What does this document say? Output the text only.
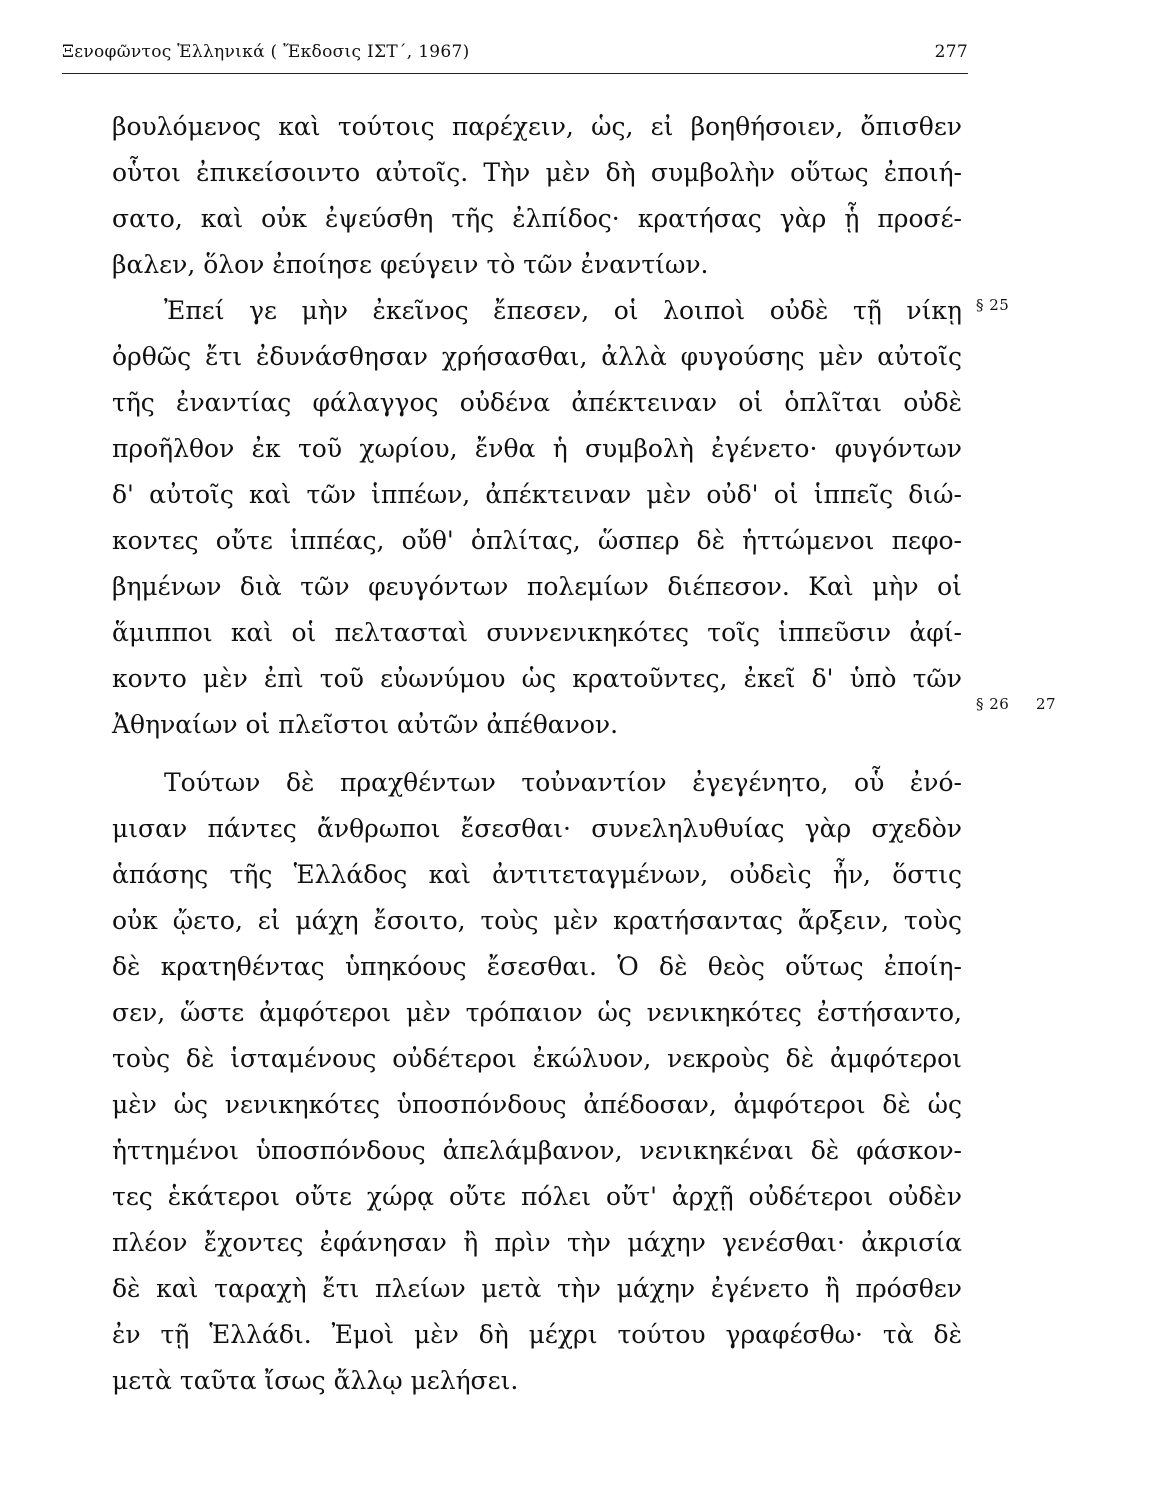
Ξενοφῶντος Ἑλληνικά ( Ἔκδοσις ΙΣΤ΄, 1967)	277
βουλόμενος καὶ τούτοις παρέχειν, ὡς, εἰ βοηθήσοιεν, ὄπισθεν
οὗτοι ἐπικείσοιντο αὐτοῖς. Τὴν μὲν δὴ συμβολὴν οὕτως ἐποιή-
σατο, καὶ οὐκ ἐψεύσθη τῆς ἐλπίδος· κρατήσας γὰρ ᾗ προσέ-
βαλεν, ὅλον ἐποίησε φεύγειν τὸ τῶν ἐναντίων.
Ἐπεί γε μὴν ἐκεῖνος ἔπεσεν, οἱ λοιποὶ οὐδὲ τῇ νίκῃ
ὀρθῶς ἔτι ἐδυνάσθησαν χρήσασθαι, ἀλλὰ φυγούσης μὲν αὐτοῖς
τῆς ἐναντίας φάλαγγος οὐδένα ἀπέκτειναν οἱ ὁπλῖται οὐδὲ
προῆλθον ἐκ τοῦ χωρίου, ἔνθα ἡ συμβολὴ ἐγένετο· φυγόντων
δ' αὐτοῖς καὶ τῶν ἱππέων, ἀπέκτειναν μὲν οὐδ' οἱ ἱππεῖς διώ-
κοντες οὔτε ἱππέας, οὔθ' ὁπλίτας, ὥσπερ δὲ ἡττώμενοι πεφο-
βημένων διὰ τῶν φευγόντων πολεμίων διέπεσον. Καὶ μὴν οἱ
ἅμιπποι καὶ οἱ πελτασταὶ συννενικηκότες τοῖς ἱππεῦσιν ἀφί-
κοντο μὲν ἐπὶ τοῦ εὐωνύμου ὡς κρατοῦντες, ἐκεῖ δ' ὑπὸ τῶν
Ἀθηναίων οἱ πλεῖστοι αὐτῶν ἀπέθανον.
Τούτων δὲ πραχθέντων τοὐναντίον ἐγεγένητο, οὗ ἐνό-
μισαν πάντες ἄνθρωποι ἔσεσθαι· συνεληλυθυίας γὰρ σχεδὸν
ἁπάσης τῆς Ἑλλάδος καὶ ἀντιτεταγμένων, οὐδεὶς ἦν, ὅστις
οὐκ ᾤετο, εἰ μάχη ἔσοιτο, τοὺς μὲν κρατήσαντας ἄρξειν, τοὺς
δὲ κρατηθέντας ὑπηκόους ἔσεσθαι. Ὁ δὲ θεὸς οὕτως ἐποίη-
σεν, ὥστε ἀμφότεροι μὲν τρόπαιον ὡς νενικηκότες ἐστήσαντο,
τοὺς δὲ ἱσταμένους οὐδέτεροι ἐκώλυον, νεκροὺς δὲ ἀμφότεροι
μὲν ὡς νενικηκότες ὑποσπόνδους ἀπέδοσαν, ἀμφότεροι δὲ ὡς
ἡττημένοι ὑποσπόνδους ἀπελάμβανον, νενικηκέναι δὲ φάσκον-
τες ἑκάτεροι οὔτε χώρᾳ οὔτε πόλει οὔτ' ἀρχῇ οὐδέτεροι οὐδὲν
πλέον ἔχοντες ἐφάνησαν ἢ πρὶν τὴν μάχην γενέσθαι· ἀκρισία
δὲ καὶ ταραχὴ ἔτι πλείων μετὰ τὴν μάχην ἐγένετο ἢ πρόσθεν
ἐν τῇ Ἑλλάδι. Ἐμοὶ μὲν δὴ μέχρι τούτου γραφέσθω· τὰ δὲ
μετὰ ταῦτα ἴσως ἄλλῳ μελήσει.
§ 25
§ 26 27
